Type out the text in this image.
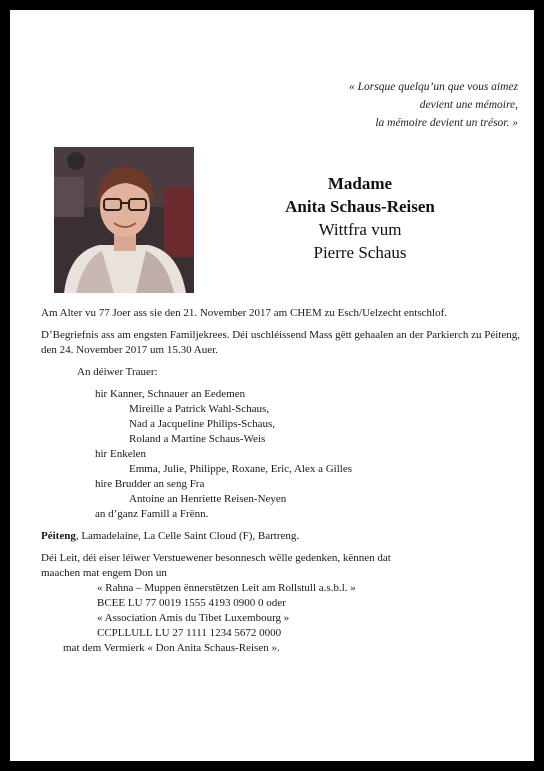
« Lorsque quelqu’un que vous aimez
devient une mémoire,
la mémoire devient un trésor. »
Madame
Anita Schaus-Reisen
Wittfra vum
Pierre Schaus

Am Alter vu 77 Joer ass sie den 21. November 2017 am CHEM zu Esch/Uelzecht entschlof.

D’Begriefnis ass am engsten Familjekrees. Déi uschléissend Mass gëtt gehaalen an der Parkierch zu Péiteng, den 24. November 2017 um 15.30 Auer.

An déiwer Trauer:

hir Kanner, Schnauer an Eedemen

Mireille a Patrick Wahl-Schaus,

Nad a Jacqueline Philips-Schaus,

Roland a Martine Schaus-Weis

hir Enkelen

Emma, Julie, Philippe, Roxane, Eric, Alex a Gilles

hire Brudder an seng Fra

Antoine an Henriette Reisen-Neyen

an d’ganz Famill a Frënn.

Péiteng, Lamadelaine, La Celle Saint Cloud (F), Bartreng.

Déi Leit, déi eiser léiwer Verstuewener besonnesch wëlle gedenken, kënnen dat

maachen mat engem Don un

« Rahna – Muppen ënnerstëtzen Leit am Rollstull a.s.b.l. »

BCEE LU 77 0019 1555 4193 0900 0 oder

« Association Amis du Tibet Luxembourg »

CCPLLULL LU 27 1111 1234 5672 0000

mat dem Vermierk « Don Anita Schaus-Reisen ».
